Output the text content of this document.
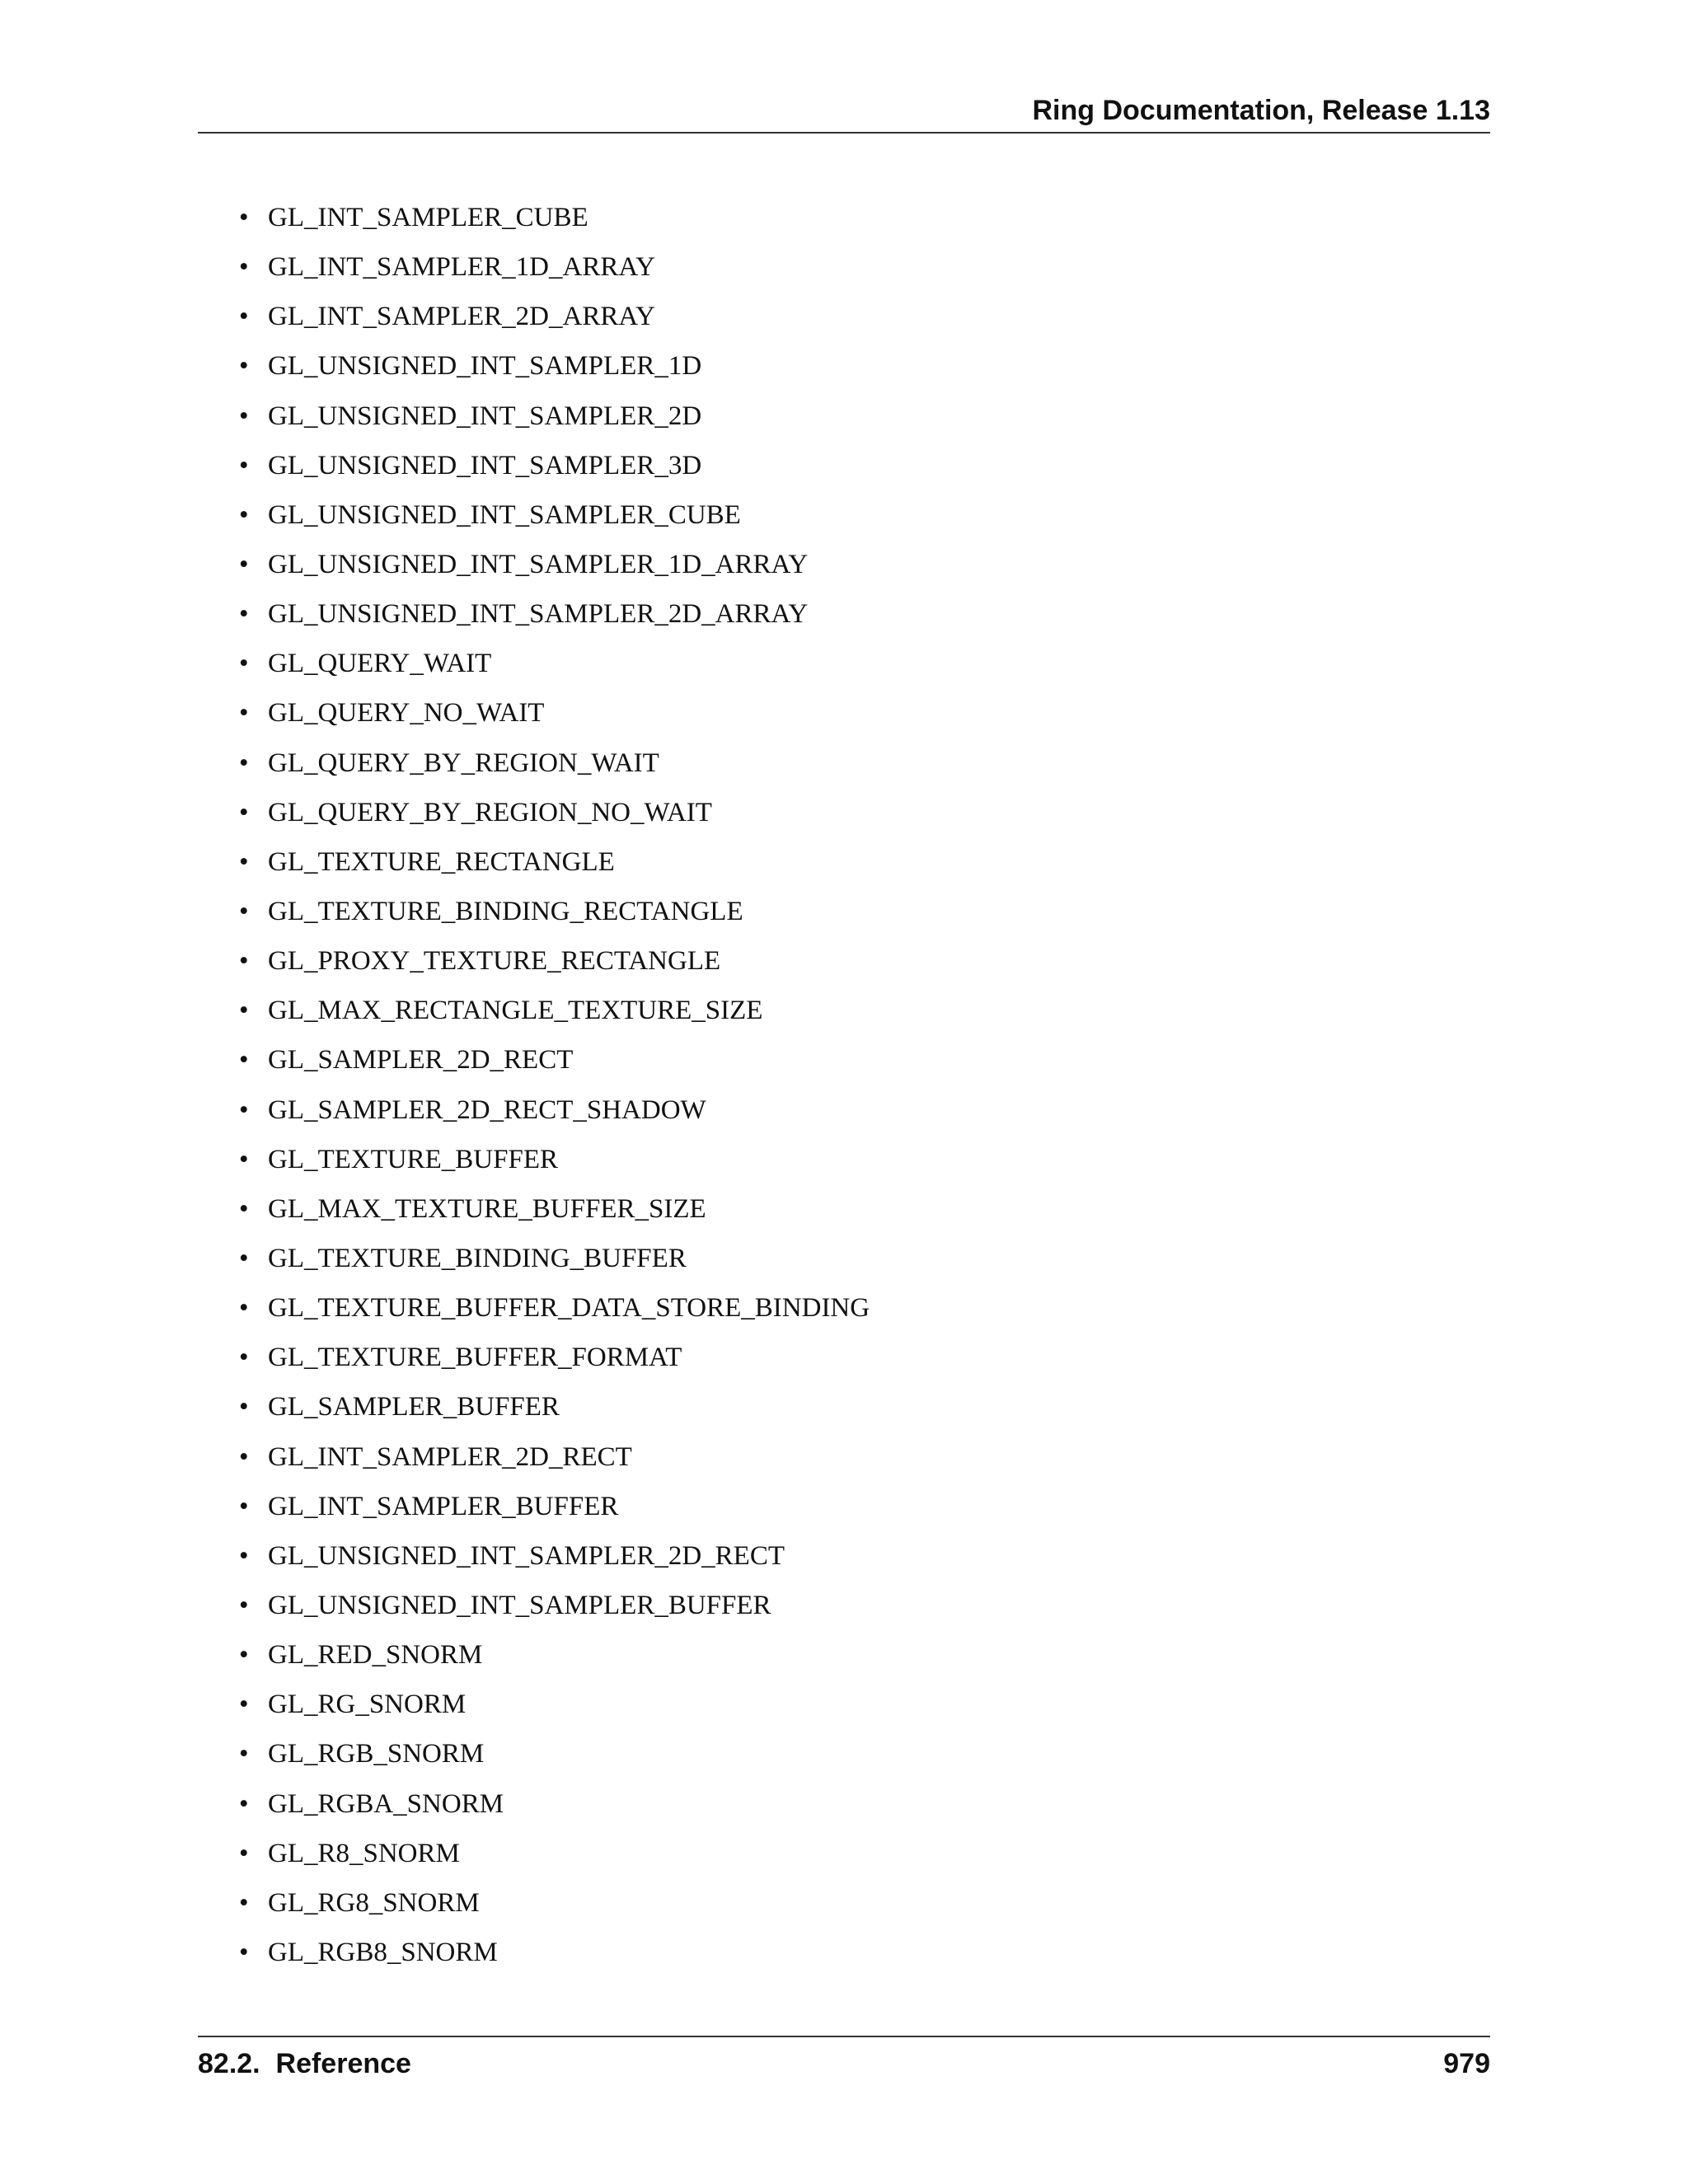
Ring Documentation, Release 1.13
• GL_INT_SAMPLER_CUBE
• GL_INT_SAMPLER_1D_ARRAY
• GL_INT_SAMPLER_2D_ARRAY
• GL_UNSIGNED_INT_SAMPLER_1D
• GL_UNSIGNED_INT_SAMPLER_2D
• GL_UNSIGNED_INT_SAMPLER_3D
• GL_UNSIGNED_INT_SAMPLER_CUBE
• GL_UNSIGNED_INT_SAMPLER_1D_ARRAY
• GL_UNSIGNED_INT_SAMPLER_2D_ARRAY
• GL_QUERY_WAIT
• GL_QUERY_NO_WAIT
• GL_QUERY_BY_REGION_WAIT
• GL_QUERY_BY_REGION_NO_WAIT
• GL_TEXTURE_RECTANGLE
• GL_TEXTURE_BINDING_RECTANGLE
• GL_PROXY_TEXTURE_RECTANGLE
• GL_MAX_RECTANGLE_TEXTURE_SIZE
• GL_SAMPLER_2D_RECT
• GL_SAMPLER_2D_RECT_SHADOW
• GL_TEXTURE_BUFFER
• GL_MAX_TEXTURE_BUFFER_SIZE
• GL_TEXTURE_BINDING_BUFFER
• GL_TEXTURE_BUFFER_DATA_STORE_BINDING
• GL_TEXTURE_BUFFER_FORMAT
• GL_SAMPLER_BUFFER
• GL_INT_SAMPLER_2D_RECT
• GL_INT_SAMPLER_BUFFER
• GL_UNSIGNED_INT_SAMPLER_2D_RECT
• GL_UNSIGNED_INT_SAMPLER_BUFFER
• GL_RED_SNORM
• GL_RG_SNORM
• GL_RGB_SNORM
• GL_RGBA_SNORM
• GL_R8_SNORM
• GL_RG8_SNORM
• GL_RGB8_SNORM
82.2.  Reference	979
